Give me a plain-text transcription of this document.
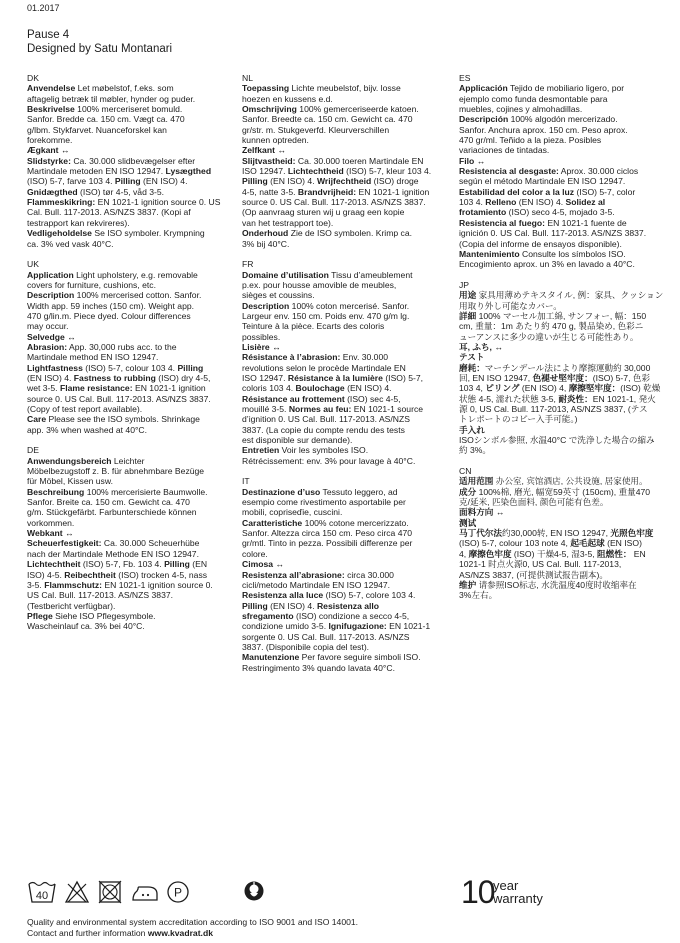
01.2017
Pause 4
Designed by Satu Montanari
DK
Anvendelse Let møbelstof, f.eks. som
aftagelig betræk til møbler, hynder og puder.
Beskrivelse 100% merceriseret bomuld.
Sanfor. Bredde ca. 150 cm. Vægt ca. 470
g/lbm. Stykfarvet. Nuanceforskel kan
forekomme.
Ægkant ↔
Slidstyrke: Ca. 30.000 slidbevægelser efter
Martindale metoden EN ISO 12947. Lysægthed
(ISO) 5-7, farve 103 4. Pilling (EN ISO) 4.
Gnidægthed (ISO) tør 4-5, våd 3-5.
Flammeskikring: EN 1021-1 ignition source 0. US
Cal. Bull. 117-2013. AS/NZS 3837. (Kopi af
testrapport kan rekvireres).
Vedligeholdelse Se ISO symboler. Krympning
ca. 3% ved vask 40°C.
UK
Application Light upholstery, e.g. removable
covers for furniture, cushions, etc.
Description 100% mercerised cotton. Sanfor.
Width app. 59 inches (150 cm). Weight app.
470 g/lin.m. Piece dyed. Colour differences
may occur.
Selvedge ↔
Abrasion: App. 30,000 rubs acc. to the
Martindale method EN ISO 12947.
Lightfastness (ISO) 5-7, colour 103 4. Pilling
(EN ISO) 4. Fastness to rubbing (ISO) dry 4-5,
wet 3-5. Flame resistance: EN 1021-1 ignition
source 0. US Cal. Bull. 117-2013. AS/NZS 3837.
(Copy of test report available).
Care Please see the ISO symbols. Shrinkage
app. 3% when washed at 40°C.
DE
Anwendungsbereich Leichter
Möbelbezugstoff z. B. für abnehmbare Bezüge
für Möbel, Kissen usw.
Beschreibung 100% mercerisierte Baumwolle.
Sanfor. Breite ca. 150 cm. Gewicht ca. 470
g/m. Stückgefärbt. Farbunterschiede können
vorkommen.
Webkant ↔
Scheuerfestigkeit: Ca. 30.000 Scheuerhübe
nach der Martindale Methode EN ISO 12947.
Lichtechtheit (ISO) 5-7, Fb. 103 4. Pilling (EN
ISO) 4-5. Reibechtheit (ISO) trocken 4-5, nass
3-5. Flammschutz: EN 1021-1 ignition source 0.
US Cal. Bull. 117-2013. AS/NZS 3837.
(Testbericht verfügbar).
Pflege Siehe ISO Pflegesymbole.
Wascheinlauf ca. 3% bei 40°C.
NL
Toepassing Lichte meubelstof, bijv. losse
hoezen en kussens e.d.
Omschrijving 100% gemerceriseerde katoen.
Sanfor. Breedte ca. 150 cm. Gewicht ca. 470
gr/str. m. Stukgeverfd. Kleurverschillen
kunnen optreden.
Zelfkant ↔
Slijtvastheid: Ca. 30.000 toeren Martindale EN
ISO 12947. Lichtechtheid (ISO) 5-7, kleur 103 4.
Pilling (EN ISO) 4. Wrijfechtheid (ISO) droge
4-5, natte 3-5. Brandvrijheid: EN 1021-1 ignition
source 0. US Cal. Bull. 117-2013. AS/NZS 3837.
(Op aanvraag sturen wij u graag een kopie
van het testrapport toe).
Onderhoud Zie de ISO symbolen. Krimp ca.
3% bij 40°C.
FR
Domaine d’utilisation Tissu d’ameublement
p.ex. pour housse amovible de meubles,
sièges et coussins.
Description 100% coton mercerisé. Sanfor.
Largeur env. 150 cm. Poids env. 470 g/m lg.
Teinture à la pièce. Ecarts des coloris
possibles.
Lisière ↔
Résistance à l’abrasion: Env. 30.000
revolutions selon le procède Martindale EN
ISO 12947. Résistance à la lumière (ISO) 5-7,
coloris 103 4. Boulochage (EN ISO) 4.
Résistance au frottement (ISO) sec 4-5,
mouillé 3-5. Normes au feu: EN 1021-1 source
d’ignition 0. US Cal. Bull. 117-2013. AS/NZS
3837. (La copie du compte rendu des tests
est disponible sur demande).
Entretien Voir les symboles ISO.
Rétrécissement: env. 3% pour lavage à 40°C.
IT
Destinazione d’uso Tessuto leggero, ad
esempio come rivestimento asportabile per
mobili, copriseďie, cuscini.
Caratteristiche 100% cotone mercerizzato.
Sanfor. Altezza circa 150 cm. Peso circa 470
gr/mtl. Tinto in pezza. Possibili differenze per
colore.
Cimosa ↔
Resistenza all’abrasione: circa 30.000
cicli/metodo Martindale EN ISO 12947.
Resistenza alla luce (ISO) 5-7, colore 103 4.
Pilling (EN ISO) 4. Resistenza allo
sfregamento (ISO) condizione a secco 4-5,
condizione umido 3-5. Ignifugazione: EN 1021-1
sorgente 0. US Cal. Bull. 117-2013. AS/NZS
3837. (Disponibile copia del test).
Manutenzione Per favore seguire simboli ISO.
Restringimento 3% quando lavata 40°C.
ES
Applicación Tejido de mobiliario ligero, por
ejemplo como funda desmontable para
muebles, cojines y almohadillas.
Descripción 100% algodón mercerizado.
Sanfor. Anchura aprox. 150 cm. Peso aprox.
470 gr/ml. Teñido a la pieza. Posibles
variaciones de tintadas.
Filo ↔
Resistencia al desgaste: Aprox. 30.000 ciclos
según el método Martindale EN ISO 12947.
Estabilidad del color a la luz (ISO) 5-7, color
103 4. Relleno (EN ISO) 4. Solidez al
frotamiento (ISO) seco 4-5, mojado 3-5.
Resistencia al fuego: EN 1021-1 fuente de
ignición 0. US Cal. Bull. 117-2013. AS/NZS 3837.
(Copia del informe de ensayos disponible).
Mantenimiento Consulte los símbolos ISO.
Encogimiento aprox. un 3% en lavado a 40°C.
JP
用途 家具用薄めテキスタイル, 例：家具、クッション
用取り外し可能なカバー。
詳細 100% マーセル加工綿, サンフォー, 幅：150
cm, 重量：1m あたり約 470 g, 製品染め, 色彩ニ
ューアンスに多少の違いが生じる可能性あり。
耳, ふち, ↔
テスト
磨耗：マーチンデール法により摩擦運動約 30,000
回, EN ISO 12947, 色褪せ堅牢度：(ISO) 5-7, 色彩
103 4, ピリング (EN ISO) 4, 摩擦堅牢度：(ISO) 乾燥
状態 4-5, 濡れた状態 3-5, 耐炎性：EN 1021-1, 発火
源 0, US Cal. Bull. 117-2013, AS/NZS 3837, (テス
トレポートのコピー入手可能。)
手入れ
ISOシンボル参照, 水温40°C で洗浄した場合の縮み
約 3%。
CN
适用范围 办公室, 宾馆酒店, 公共设施, 居家使用。
成分 100%棉, 磨光, 幅宽59英寸 (150cm), 重量470
克/延米, 匹染色面料, 颜色可能有色差。
面料方向 ↔
测试
马丁代尔法约30,000转, EN ISO 12947, 光照色牢度
(ISO) 5-7, colour 103 note 4, 起毛起球 (EN ISO)
4, 摩擦色牢度 (ISO) 干燥4-5, 湿3-5, 阻燃性： EN
1021-1 时点火源0, US Cal. Bull. 117-2013,
AS/NZS 3837, (可提供测试报告副本)。
维护 请参照ISO标志, 水洗温度40度时收缩率在
3%左右。
40	P	10
year
warranty
Quality and environmental system accreditation according to ISO 9001 and ISO 14001.
Contact and further information www.kvadrat.dk
